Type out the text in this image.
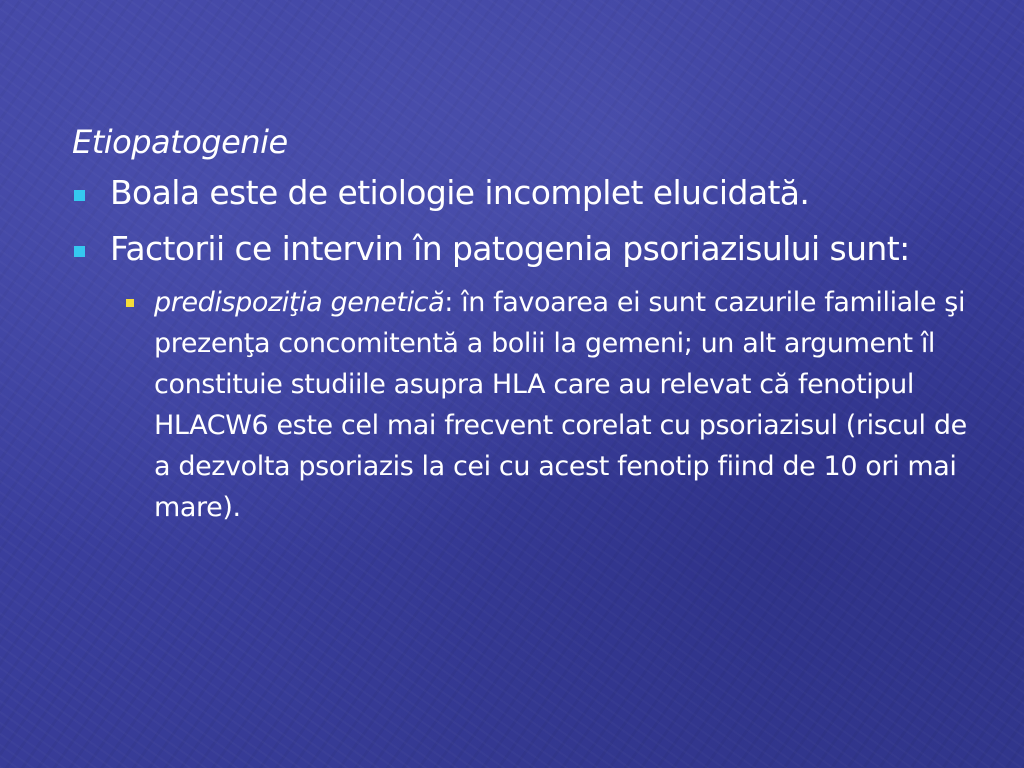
Etiopatogenie
Boala este de etiologie incomplet elucidată.
Factorii ce intervin în patogenia psoriazisului sunt:
predispoziţia genetică: în favoarea ei sunt cazurile familiale şi prezenţa concomitentă a bolii la gemeni; un alt argument îl constituie studiile asupra HLA care au relevat că fenotipul HLACW6 este cel mai frecvent corelat cu psoriazisul (riscul de a dezvolta psoriazis la cei cu acest fenotip fiind de 10 ori mai mare).
